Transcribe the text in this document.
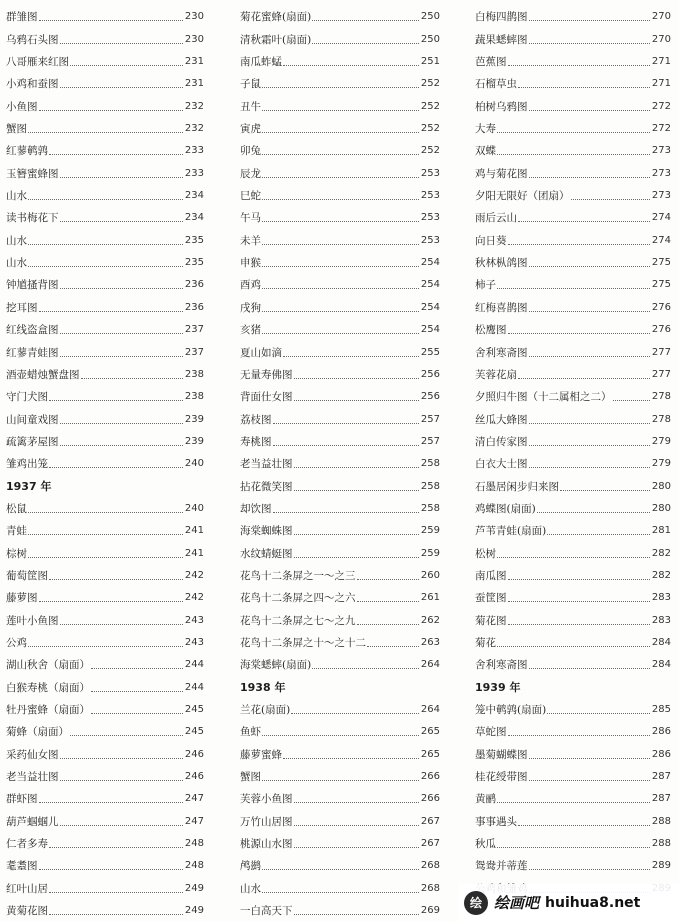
群雏图	230
乌鸦石头图	230
八哥雁来红图	231
小鸡和蚕图	231
小鱼图	232
蟹图	232
红蓼鹌鹑	233
玉簪蜜蜂图	233
山水	234
读书梅花下	234
山水	235
山水	235
钟馗搔背图	236
挖耳图	236
红线盗盒图	237
红蓼青蛙图	237
酒壶蜡烛蟹盘图	238
守门犬图	238
山间童戏图	239
疏篱茅屋图	239
雏鸡出笼	240
1937 年
松鼠	240
青蛙	241
棕树	241
葡萄筐图	242
藤萝图	242
莲叶小鱼图	243
公鸡	243
湖山秋舍（扇面）	244
白猴寿桃（扇面）	244
牡丹蜜蜂（扇面）	245
菊蜂（扇面）	245
采药仙女图	246
老当益壮图	246
群虾图	247
葫芦蝈蝈儿	247
仁者多寿	248
耄耋图	248
红叶山居	249
黄菊花图	249
菊花蜜蜂(扇面)	250
清秋霜叶(扇面)	250
南瓜蚱蜢	251
子鼠	252
丑牛	252
寅虎	252
卯兔	252
辰龙	253
巳蛇	253
午马	253
未羊	253
申猴	254
酉鸡	254
戌狗	254
亥猪	254
夏山如滴	255
无量寿佛图	256
背面仕女图	256
荔枝图	257
寿桃图	257
老当益壮图	258
拈花微笑图	258
却饮图	258
海棠蜘蛛图	259
水纹蜻蜓图	259
花鸟十二条屏之一～之三	260
花鸟十二条屏之四～之六	261
花鸟十二条屏之七～之九	262
花鸟十二条屏之十～之十二	263
海棠蟋蟀(扇面)	264
1938 年
兰花(扇面)	264
鱼虾	265
藤萝蜜蜂	265
蟹图	266
芙蓉小鱼图	266
万竹山居图	267
桃源山水图	267
鸬鹚	268
山水	268
一白高天下	269
白梅四鹊图	270
蔬果蟋蟀图	270
芭蕉图	271
石榴草虫	271
柏树乌鸦图	272
大寿	272
双蝶	273
鸡与菊花图	273
夕阳无限好（团扇）	273
雨后云山	274
向日葵	274
秋林枞鸽图	275
柿子	275
红梅喜鹊图	276
松鹰图	276
舍利寒斋图	277
芙蓉花扇	277
夕照归牛图（十二属相之二）	278
丝瓜大蜂图	278
清白传家图	279
白衣大士图	279
石墨居闲步归来图	280
鸡蝶图(扇面)	280
芦苇青蛙(扇面)	281
松树	282
南瓜图	282
蚕筐图	283
菊花图	283
菊花	284
舍利寒斋图	284
1939 年
笼中鹌鹑(扇面)	285
草蛇图	286
墨菊蝴蝶图	286
桂花绶带图	287
黄鹂	287
事事遇头	288
秋瓜	288
鸳鸯并蒂莲	289
绘 绘画吧 huihua8.net
